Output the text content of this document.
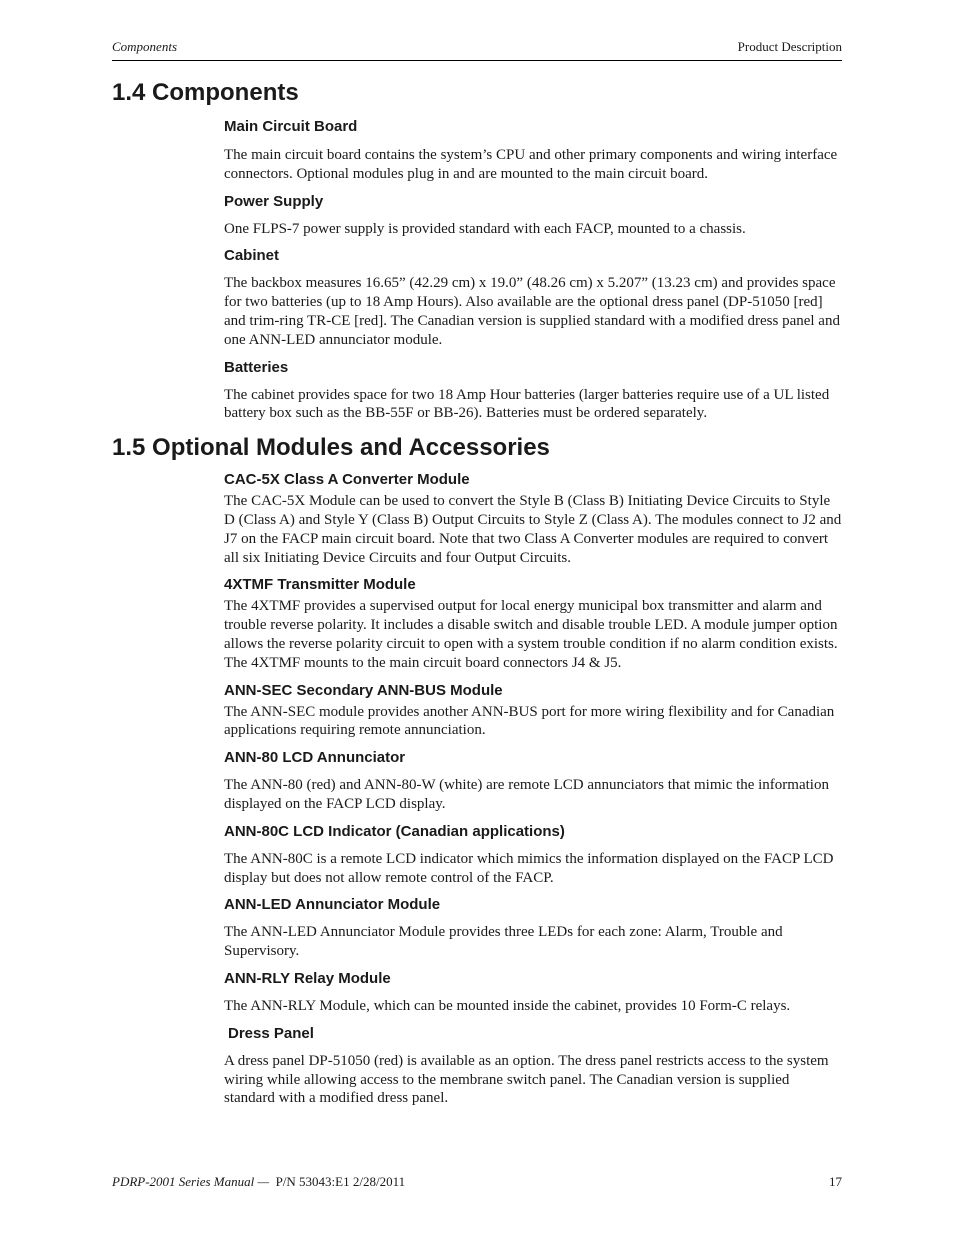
Components	Product Description
1.4 Components
Main Circuit Board

The main circuit board contains the system’s CPU and other primary components and wiring interface connectors. Optional modules plug in and are mounted to the main circuit board.

Power Supply

One FLPS-7 power supply is provided standard with each FACP, mounted to a chassis.

Cabinet

The backbox measures 16.65” (42.29 cm) x 19.0” (48.26 cm) x 5.207” (13.23 cm) and provides space for two batteries (up to 18 Amp Hours). Also available are the optional dress panel (DP-51050 [red] and trim-ring TR-CE [red]. The Canadian version is supplied standard with a modified dress panel and one ANN-LED annunciator module.

Batteries

The cabinet provides space for two 18 Amp Hour batteries (larger batteries require use of a UL listed battery box such as the BB-55F or BB-26). Batteries must be ordered separately.

1.5 Optional Modules and Accessories
CAC-5X Class A Converter Module

The CAC-5X Module can be used to convert the Style B (Class B) Initiating Device Circuits to Style D (Class A) and Style Y (Class B) Output Circuits to Style Z (Class A). The modules connect to J2 and J7 on the FACP main circuit board. Note that two Class A Converter modules are required to convert all six Initiating Device Circuits and four Output Circuits.

4XTMF Transmitter Module

The 4XTMF provides a supervised output for local energy municipal box transmitter and alarm and trouble reverse polarity. It includes a disable switch and disable trouble LED. A module jumper option allows the reverse polarity circuit to open with a system trouble condition if no alarm condition exists. The 4XTMF mounts to the main circuit board connectors J4 & J5.

ANN-SEC Secondary ANN-BUS Module

The ANN-SEC module provides another ANN-BUS port for more wiring flexibility and for Canadian applications requiring remote annunciation.

ANN-80 LCD Annunciator

The ANN-80 (red) and ANN-80-W (white) are remote LCD annunciators that mimic the information displayed on the FACP LCD display.

ANN-80C LCD Indicator (Canadian applications)

The ANN-80C is a remote LCD indicator which mimics the information displayed on the FACP LCD display but does not allow remote control of the FACP.

ANN-LED Annunciator Module

The ANN-LED Annunciator Module provides three LEDs for each zone: Alarm, Trouble and Supervisory.

ANN-RLY Relay Module

The ANN-RLY Module, which can be mounted inside the cabinet, provides 10 Form-C relays.

Dress Panel

A dress panel DP-51050 (red) is available as an option. The dress panel restricts access to the system wiring while allowing access to the membrane switch panel. The Canadian version is supplied standard with a modified dress panel.

PDRP-2001 Series Manual — P/N 53043:E1 2/28/2011	17
